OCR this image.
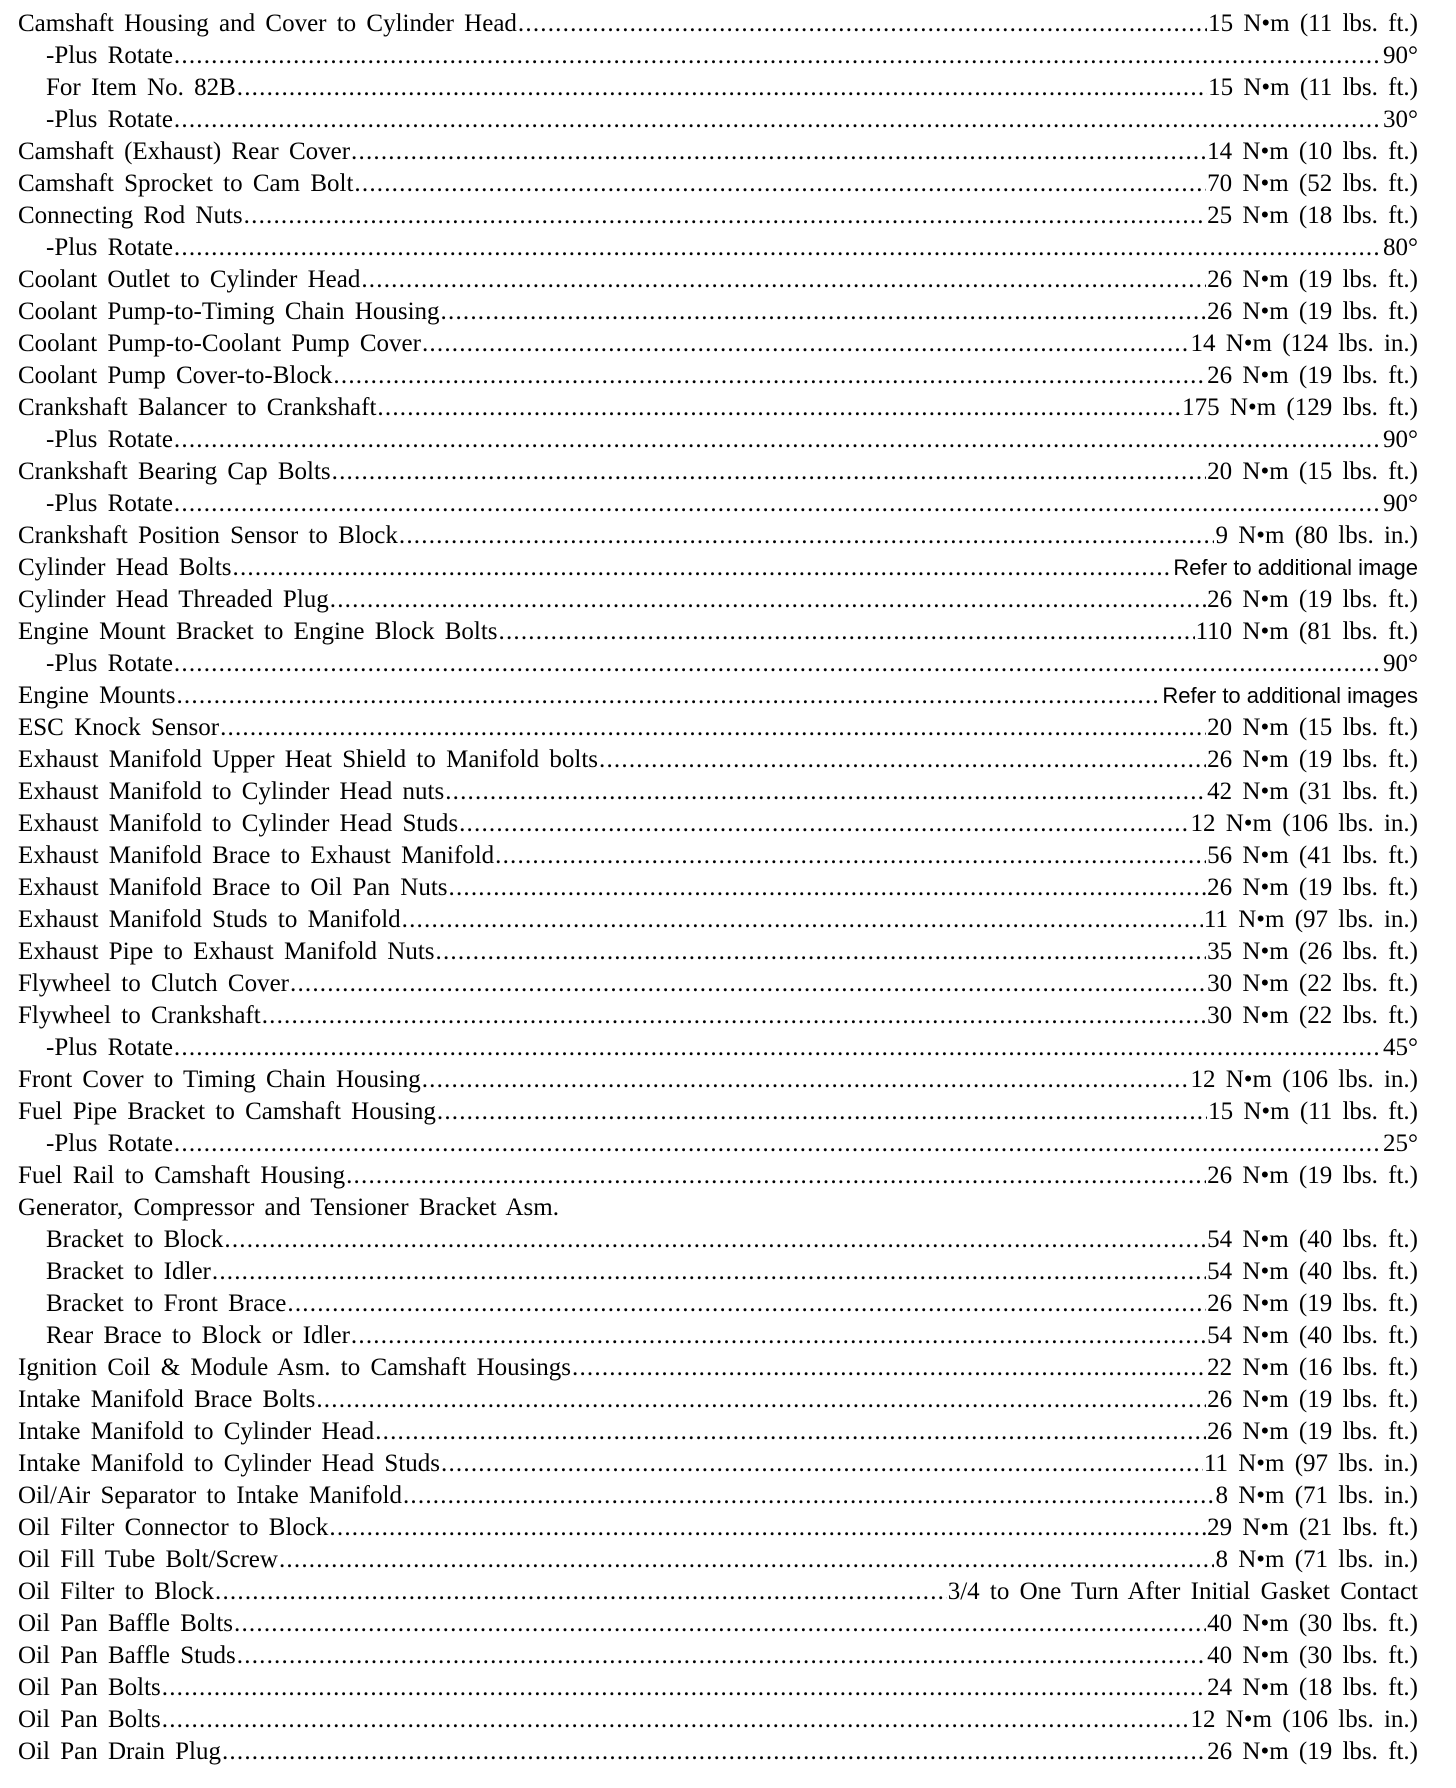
Camshaft Housing and Cover to Cylinder Head .....	15 N•m (11 lbs. ft.)
-Plus Rotate .....	90°
For Item No. 82B .....	15 N•m (11 lbs. ft.)
-Plus Rotate .....	30°
Camshaft (Exhaust) Rear Cover .....	14 N•m (10 lbs. ft.)
Camshaft Sprocket to Cam Bolt .....	70 N•m (52 lbs. ft.)
Connecting Rod Nuts .....	25 N•m (18 lbs. ft.)
-Plus Rotate .....	80°
Coolant Outlet to Cylinder Head .....	26 N•m (19 lbs. ft.)
Coolant Pump-to-Timing Chain Housing .....	26 N•m (19 lbs. ft.)
Coolant Pump-to-Coolant Pump Cover .....	14 N•m (124 lbs. in.)
Coolant Pump Cover-to-Block .....	26 N•m (19 lbs. ft.)
Crankshaft Balancer to Crankshaft .....	175 N•m (129 lbs. ft.)
-Plus Rotate .....	90°
Crankshaft Bearing Cap Bolts .....	20 N•m (15 lbs. ft.)
-Plus Rotate .....	90°
Crankshaft Position Sensor to Block .....	9 N•m (80 lbs. in.)
Cylinder Head Bolts .....	Refer to additional image
Cylinder Head Threaded Plug .....	26 N•m (19 lbs. ft.)
Engine Mount Bracket to Engine Block Bolts .....	110 N•m (81 lbs. ft.)
-Plus Rotate .....	90°
Engine Mounts .....	Refer to additional images
ESC Knock Sensor .....	20 N•m (15 lbs. ft.)
Exhaust Manifold Upper Heat Shield to Manifold bolts .....	26 N•m (19 lbs. ft.)
Exhaust Manifold to Cylinder Head nuts .....	42 N•m (31 lbs. ft.)
Exhaust Manifold to Cylinder Head Studs .....	12 N•m (106 lbs. in.)
Exhaust Manifold Brace to Exhaust Manifold .....	56 N•m (41 lbs. ft.)
Exhaust Manifold Brace to Oil Pan Nuts .....	26 N•m (19 lbs. ft.)
Exhaust Manifold Studs to Manifold .....	11 N•m (97 lbs. in.)
Exhaust Pipe to Exhaust Manifold Nuts .....	35 N•m (26 lbs. ft.)
Flywheel to Clutch Cover .....	30 N•m (22 lbs. ft.)
Flywheel to Crankshaft .....	30 N•m (22 lbs. ft.)
-Plus Rotate .....	45°
Front Cover to Timing Chain Housing .....	12 N•m (106 lbs. in.)
Fuel Pipe Bracket to Camshaft Housing .....	15 N•m (11 lbs. ft.)
-Plus Rotate .....	25°
Fuel Rail to Camshaft Housing .....	26 N•m (19 lbs. ft.)
Generator, Compressor and Tensioner Bracket Asm.
Bracket to Block .....	54 N•m (40 lbs. ft.)
Bracket to Idler .....	54 N•m (40 lbs. ft.)
Bracket to Front Brace .....	26 N•m (19 lbs. ft.)
Rear Brace to Block or Idler .....	54 N•m (40 lbs. ft.)
Ignition Coil & Module Asm. to Camshaft Housings .....	22 N•m (16 lbs. ft.)
Intake Manifold Brace Bolts .....	26 N•m (19 lbs. ft.)
Intake Manifold to Cylinder Head .....	26 N•m (19 lbs. ft.)
Intake Manifold to Cylinder Head Studs .....	11 N•m (97 lbs. in.)
Oil/Air Separator to Intake Manifold .....	8 N•m (71 lbs. in.)
Oil Filter Connector to Block .....	29 N•m (21 lbs. ft.)
Oil Fill Tube Bolt/Screw .....	8 N•m (71 lbs. in.)
Oil Filter to Block .....	3/4 to One Turn After Initial Gasket Contact
Oil Pan Baffle Bolts .....	40 N•m (30 lbs. ft.)
Oil Pan Baffle Studs .....	40 N•m (30 lbs. ft.)
Oil Pan Bolts .....	24 N•m (18 lbs. ft.)
Oil Pan Bolts .....	12 N•m (106 lbs. in.)
Oil Pan Drain Plug .....	26 N•m (19 lbs. ft.)
